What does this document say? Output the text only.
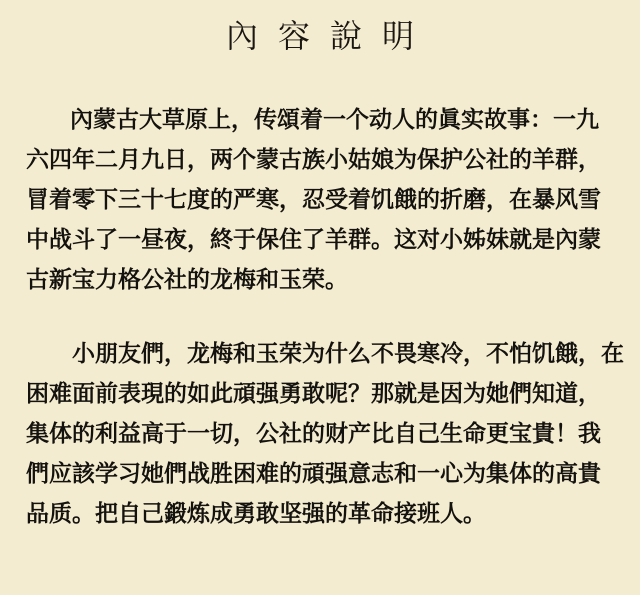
內容說明
內蒙古大草原上，传頌着一个动人的眞实故事：一九
六四年二月九日，两个蒙古族小姑娘为保护公社的羊群，
冒着零下三十七度的严寒，忍受着饥餓的折磨，在暴风雪
中战斗了一昼夜，終于保住了羊群。这对小姊妹就是內蒙
古新宝力格公社的龙梅和玉荣。
小朋友們，龙梅和玉荣为什么不畏寒冷，不怕饥餓，在
困难面前表現的如此頑强勇敢呢？那就是因为她們知道，
集体的利益高于一切，公社的财产比自己生命更宝貴！我
們应該学习她們战胜困难的頑强意志和一心为集体的高貴
品质。把自己鍛炼成勇敢坚强的革命接班人。
